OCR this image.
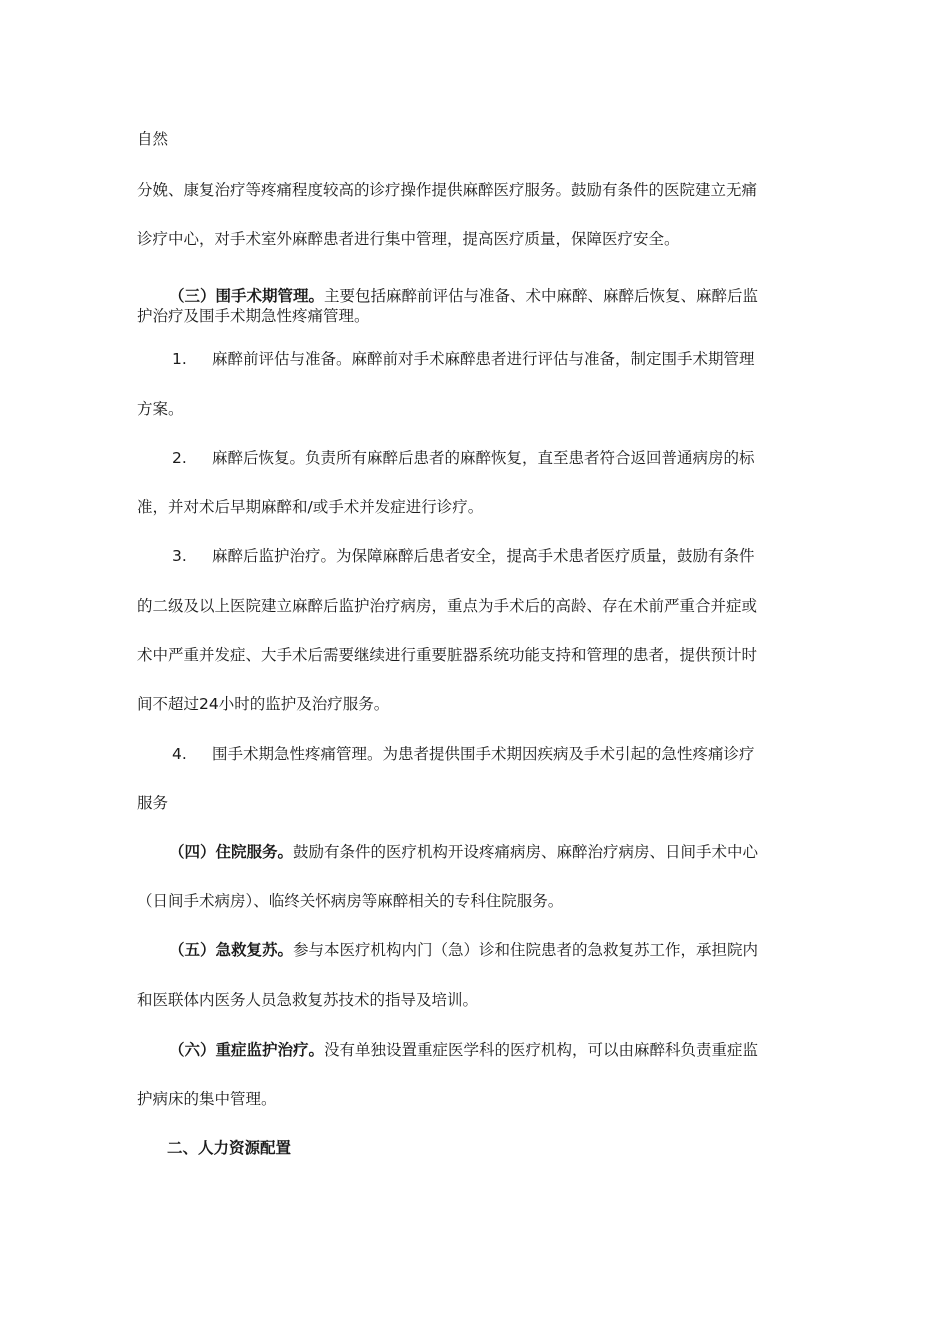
自然
分娩、康复治疗等疼痛程度较高的诊疗操作提供麻醉医疗服务。鼓励有条件的医院建立无痛
诊疗中心，对手术室外麻醉患者进行集中管理，提高医疗质量，保障医疗安全。
（三）围手术期管理。主要包括麻醉前评估与准备、术中麻醉、麻醉后恢复、麻醉后监
护治疗及围手术期急性疼痛管理。
1. 麻醉前评估与准备。麻醉前对手术麻醉患者进行评估与准备，制定围手术期管理
方案。
2. 麻醉后恢复。负责所有麻醉后患者的麻醉恢复，直至患者符合返回普通病房的标
准，并对术后早期麻醉和/或手术并发症进行诊疗。
3. 麻醉后监护治疗。为保障麻醉后患者安全，提高手术患者医疗质量，鼓励有条件
的二级及以上医院建立麻醉后监护治疗病房，重点为手术后的高龄、存在术前严重合并症或
术中严重并发症、大手术后需要继续进行重要脏器系统功能支持和管理的患者，提供预计时
间不超过24小时的监护及治疗服务。
4. 围手术期急性疼痛管理。为患者提供围手术期因疾病及手术引起的急性疼痛诊疗
服务
（四）住院服务。鼓励有条件的医疗机构开设疼痛病房、麻醉治疗病房、日间手术中心
（日间手术病房）、临终关怀病房等麻醉相关的专科住院服务。
（五）急救复苏。参与本医疗机构内门（急）诊和住院患者的急救复苏工作，承担院内
和医联体内医务人员急救复苏技术的指导及培训。
（六）重症监护治疗。没有单独设置重症医学科的医疗机构，可以由麻醉科负责重症监
护病床的集中管理。
二、人力资源配置
